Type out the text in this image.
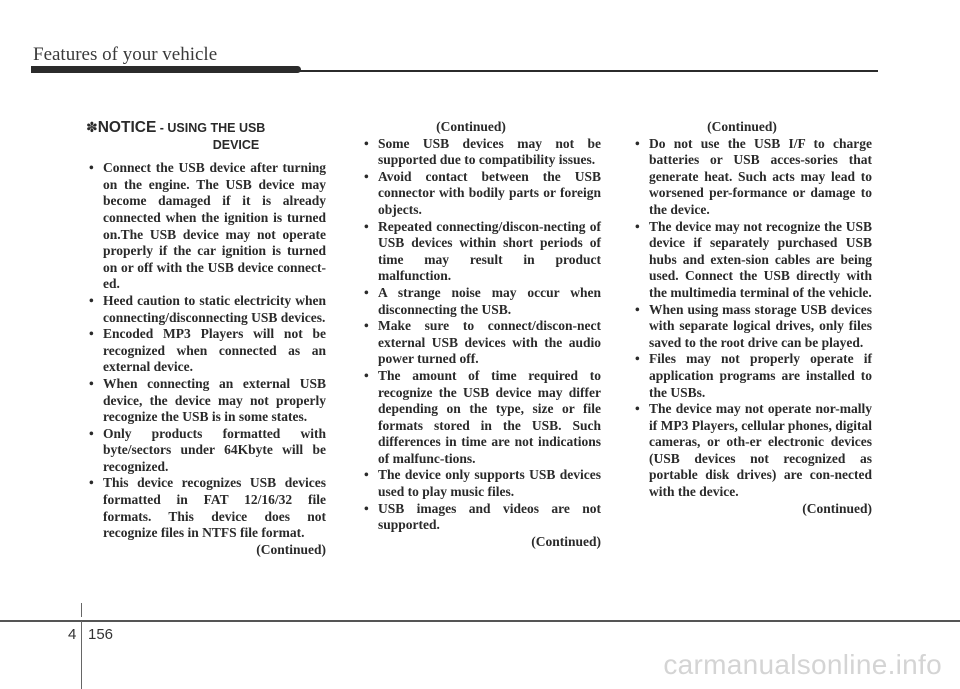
Features of your vehicle
✽NOTICE - USING THE USB
DEVICE
• Connect the USB device after turning on the engine. The USB device may become damaged if it is already connected when the ignition is turned on.The USB device may not operate properly if the car ignition is turned on or off with the USB device connect-ed.
• Heed caution to static electricity when connecting/disconnecting USB devices.
• Encoded MP3 Players will not be recognized when connected as an external device.
• When connecting an external USB device, the device may not properly recognize the USB is in some states.
• Only products formatted with byte/sectors under 64Kbyte will be recognized.
• This device recognizes USB devices formatted in FAT 12/16/32 file formats. This device does not recognize files in NTFS file format.
(Continued)
(Continued)
• Some USB devices may not be supported due to compatibility issues.
• Avoid contact between the USB connector with bodily parts or foreign objects.
• Repeated connecting/discon-necting of USB devices within short periods of time may result in product malfunction.
• A strange noise may occur when disconnecting the USB.
• Make sure to connect/discon-nect external USB devices with the audio power turned off.
• The amount of time required to recognize the USB device may differ depending on the type, size or file formats stored in the USB. Such differences in time are not indications of malfunc-tions.
• The device only supports USB devices used to play music files.
• USB images and videos are not supported.
(Continued)
(Continued)
• Do not use the USB I/F to charge batteries or USB acces-sories that generate heat. Such acts may lead to worsened per-formance or damage to the device.
• The device may not recognize the USB device if separately purchased USB hubs and exten-sion cables are being used. Connect the USB directly with the multimedia terminal of the vehicle.
• When using mass storage USB devices with separate logical drives, only files saved to the root drive can be played.
• Files may not properly operate if application programs are installed to the USBs.
• The device may not operate nor-mally if MP3 Players, cellular phones, digital cameras, or oth-er electronic devices (USB devices not recognized as portable disk drives) are con-nected with the device.
(Continued)
4 156
carmanualsonline.info
